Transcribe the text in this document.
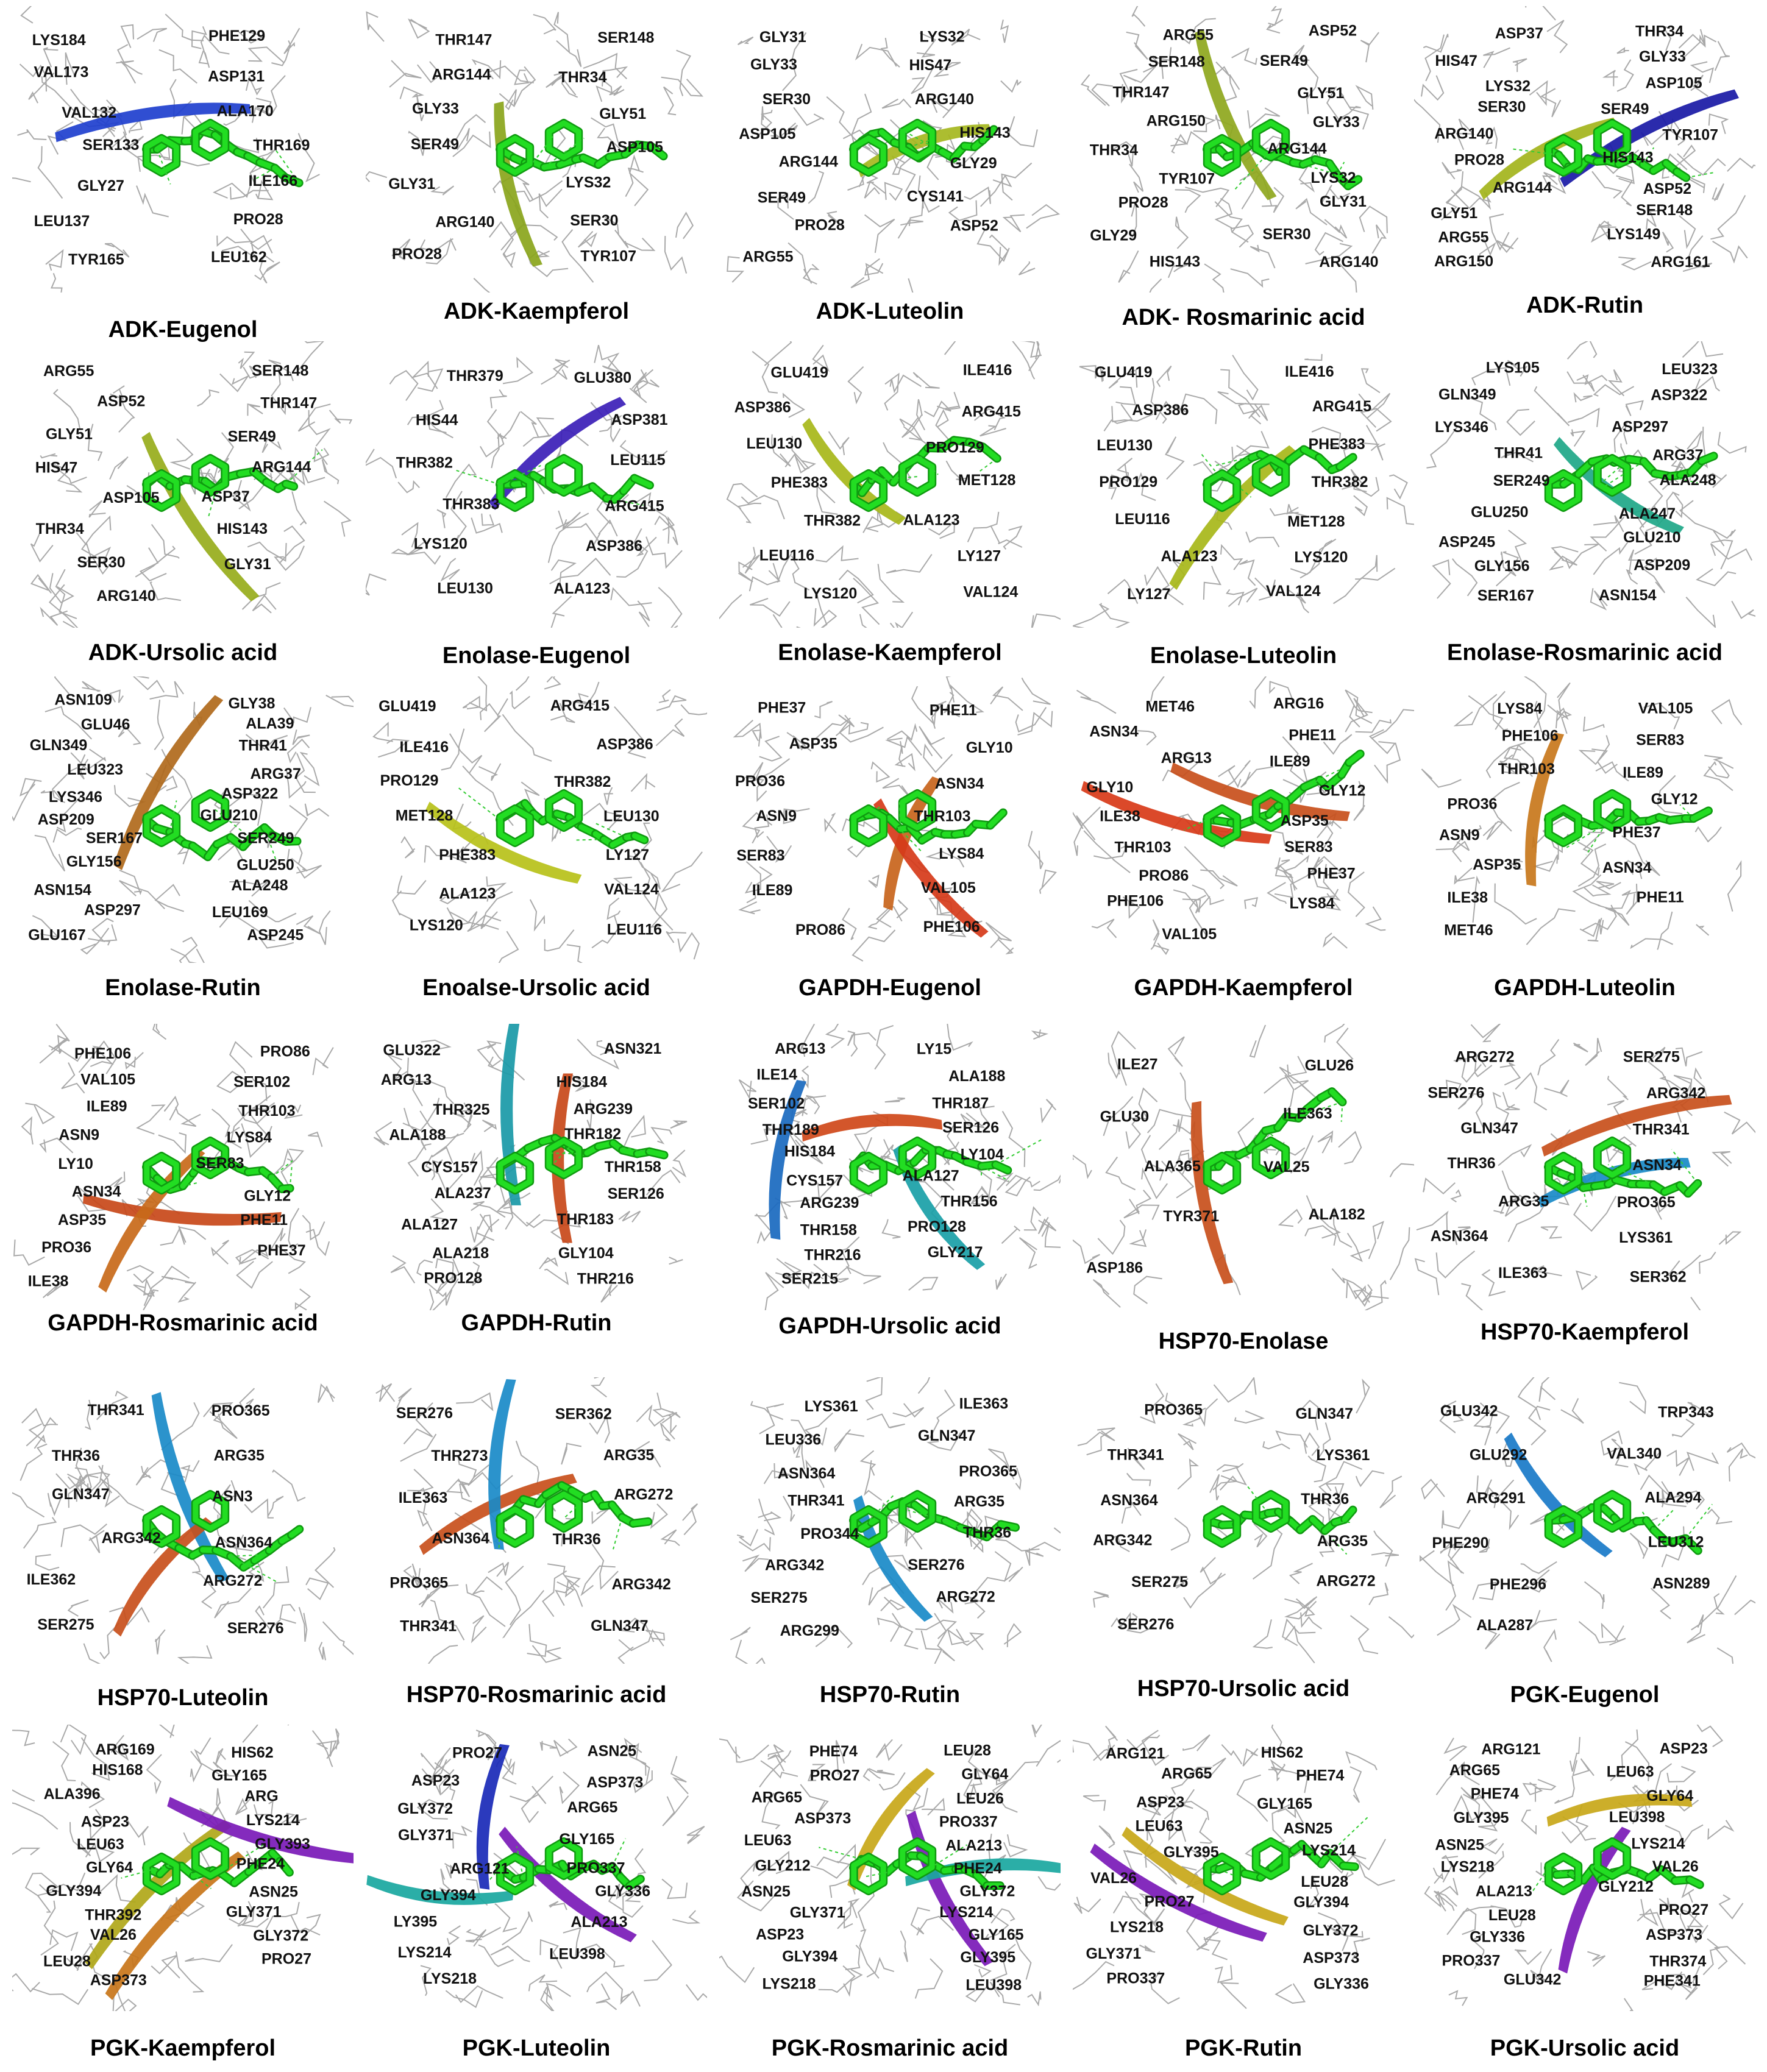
LYS184	PHE129
VAL173	ASP131
VAL132	ALA170
SER133	THR169
GLY27	ILE166
LEU137	PRO28
TYR165	LEU162
ADK-Eugenol
THR147	SER148
ARG144	THR34
GLY33	GLY51
SER49	ASP105
GLY31	LYS32
ARG140	SER30
PRO28	TYR107
ADK-Kaempferol
GLY31	LYS32
GLY33	HIS47
SER30	ARG140
ASP105	HIS143
ARG144	GLY29
SER49	CYS141
PRO28	ASP52
ARG55
ADK-Luteolin
ARG55	ASP52
SER148	SER49
THR147	GLY51
ARG150	GLY33
THR34	ARG144
TYR107	LYS32
PRO28	GLY31
GLY29	SER30
HIS143	ARG140
ADK- Rosmarinic acid
ASP37	THR34
HIS47	GLY33
LYS32	ASP105
SER30	SER49
ARG140	TYR107
PRO28	HIS143
ARG144	ASP52
GLY51	SER148
ARG55	LYS149
ARG150	ARG161
ADK-Rutin
ARG55	SER148
ASP52	THR147
GLY51	SER49
HIS47	ARG144
ASP105	ASP37
THR34	HIS143
SER30	GLY31
ARG140
ADK-Ursolic acid
THR379	GLU380
HIS44	ASP381
THR382	LEU115
THR383	ARG415
LYS120	ASP386
LEU130	ALA123
Enolase-Eugenol
GLU419	ILE416
ASP386	ARG415
LEU130	PRO129
PHE383	MET128
THR382	ALA123
LEU116	LY127
LYS120	VAL124
Enolase-Kaempferol
GLU419	ILE416
ASP386	ARG415
LEU130	PHE383
PRO129	THR382
LEU116	MET128
ALA123	LYS120
LY127	VAL124
Enolase-Luteolin
LYS105	LEU323
GLN349	ASP322
LYS346	ASP297
THR41	ARG37
SER249	ALA248
GLU250	ALA247
ASP245	GLU210
GLY156	ASP209
SER167	ASN154
Enolase-Rosmarinic acid
ASN109	GLY38
GLU46	ALA39
GLN349	THR41
LEU323	ARG37
LYS346	ASP322
ASP209	GLU210
SER167	SER249
GLY156	GLU250
ASN154	ALA248
ASP297	LEU169
GLU167	ASP245
Enolase-Rutin
GLU419	ARG415
ILE416	ASP386
PRO129	THR382
MET128	LEU130
PHE383	LY127
ALA123	VAL124
LYS120	LEU116
Enoalse-Ursolic acid
PHE37	PHE11
ASP35	GLY10
PRO36	ASN34
ASN9	THR103
SER83	LYS84
ILE89	VAL105
PRO86	PHE106
GAPDH-Eugenol
MET46	ARG16
ASN34	PHE11
ARG13	ILE89
GLY10	GLY12
ILE38	ASP35
THR103	SER83
PRO86	PHE37
PHE106	LYS84
VAL105
GAPDH-Kaempferol
LYS84	VAL105
PHE106	SER83
THR103	ILE89
PRO36	GLY12
ASN9	PHE37
ASP35	ASN34
ILE38	PHE11
MET46
GAPDH-Luteolin
PHE106	PRO86
VAL105	SER102
ILE89	THR103
ASN9	LYS84
LY10	SER83
ASN34	GLY12
ASP35	PHE11
PRO36	PHE37
ILE38
GAPDH-Rosmarinic acid
GLU322	ASN321
ARG13	HIS184
THR325	ARG239
ALA188	THR182
CYS157	THR158
ALA237	SER126
ALA127	THR183
ALA218	GLY104
PRO128	THR216
GAPDH-Rutin
ARG13	LY15
ILE14	ALA188
SER102	THR187
THR189	SER126
HIS184	LY104
CYS157	ALA127
ARG239	THR156
THR158	PRO128
THR216	GLY217
SER215
GAPDH-Ursolic acid
ILE27	GLU26
GLU30	ILE363
ALA365	VAL25
TYR371	ALA182
ASP186
HSP70-Enolase
ARG272	SER275
SER276	ARG342
GLN347	THR341
THR36	ASN34
ARG35	PRO365
ASN364	LYS361
ILE363	SER362
HSP70-Kaempferol
THR341	PRO365
THR36	ARG35
GLN347	ASN3
ARG342	ASN364
ILE362	ARG272
SER275	SER276
HSP70-Luteolin
SER276	SER362
THR273	ARG35
ILE363	ARG272
ASN364	THR36
PRO365	ARG342
THR341	GLN347
HSP70-Rosmarinic acid
LYS361	ILE363
LEU336	GLN347
ASN364	PRO365
THR341	ARG35
PRO344	THR36
ARG342	SER276
SER275	ARG272
ARG299
HSP70-Rutin
PRO365	GLN347
THR341	LYS361
ASN364	THR36
ARG342	ARG35
SER275	ARG272
SER276
HSP70-Ursolic acid
GLU342	TRP343
GLU292	VAL340
ARG291	ALA294
PHE290	LEU312
PHE296	ASN289
ALA287
PGK-Eugenol
ARG169	HIS62
HIS168	GLY165
ALA396	ARG
ASP23	LYS214
LEU63	GLY393
GLY64	PHE24
GLY394	ASN25
THR392	GLY371
VAL26	GLY372
LEU28	PRO27
ASP373
PGK-Kaempferol
PRO27	ASN25
ASP23	ASP373
GLY372	ARG65
GLY371	GLY165
ARG121	PRO337
GLY394	GLY336
LY395	ALA213
LYS214	LEU398
LYS218
PGK-Luteolin
PHE74	LEU28
PRO27	GLY64
ARG65	LEU26
ASP373	PRO337
LEU63	ALA213
GLY212	PHE24
ASN25	GLY372
GLY371	LYS214
ASP23	GLY165
GLY394	GLY395
LYS218	LEU398
PGK-Rosmarinic acid
ARG121	HIS62
ARG65	PHE74
ASP23	GLY165
LEU63	ASN25
GLY395	LYS214
VAL26	LEU28
PRO27	GLY394
LYS218	GLY372
GLY371	ASP373
PRO337	GLY336
PGK-Rutin
ARG121	ASP23
ARG65	LEU63
PHE74	GLY64
GLY395	LEU398
ASN25	LYS214
LYS218	VAL26
ALA213	GLY212
LEU28	PRO27
GLY336	ASP373
PRO337	THR374
GLU342	PHE341
PGK-Ursolic acid
